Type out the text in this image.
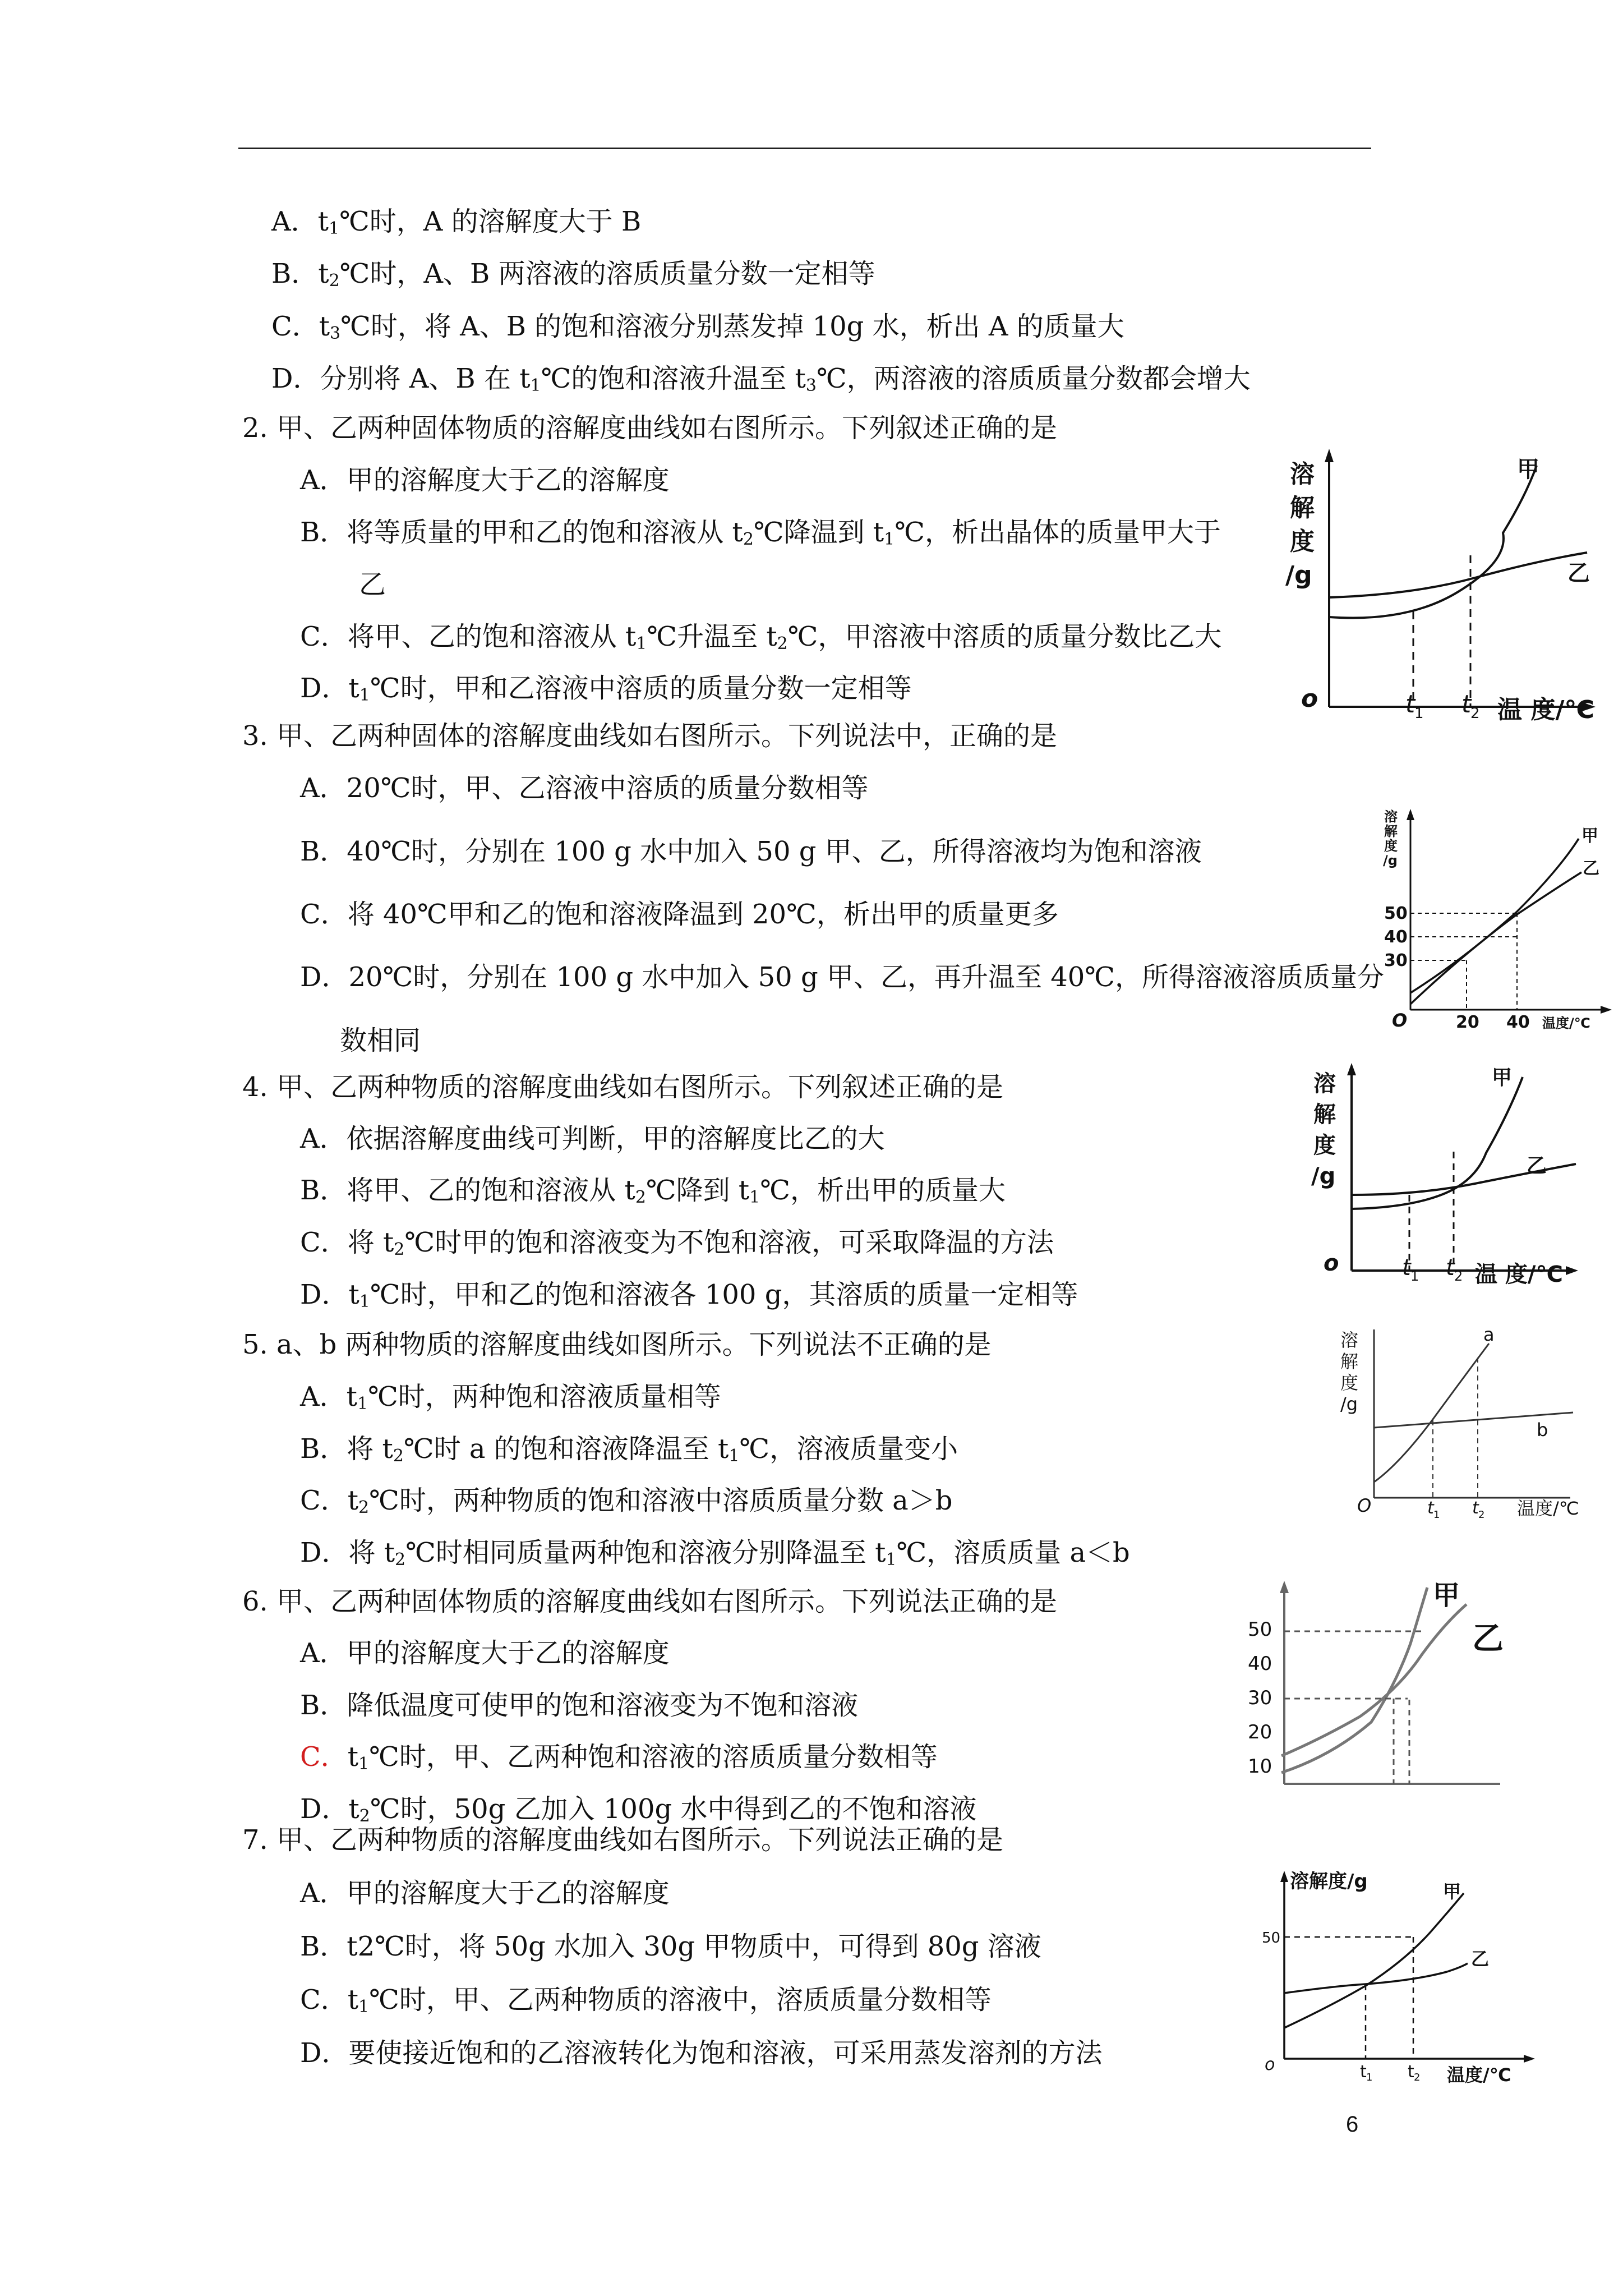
A．$t_1℃$时，A 的溶解度大于 B
B．$t_2℃$时，A、B 两溶液的溶质质量分数一定相等
C．$t_3℃$时，将 A、B 的饱和溶液分别蒸发掉 10g 水，析出 A 的质量大
D．分别将 A、B 在 $t_1℃$的饱和溶液升温至 $t_3℃$，两溶液的溶质质量分数都会增大
2. 甲、乙两种固体物质的溶解度曲线如右图所示。下列叙述正确的是
A．甲的溶解度大于乙的溶解度
B．将等质量的甲和乙的饱和溶液从 $t_2℃$降温到 $t_1℃$，析出晶体的质量甲大于
乙
C．将甲、乙的饱和溶液从 $t_1℃$升温至 $t_2℃$，甲溶液中溶质的质量分数比乙大
D．$t_1℃$时，甲和乙溶液中溶质的质量分数一定相等
溶
解
度
/g
o	t
1 t
2 温 度/℃
甲
乙
3. 甲、乙两种固体的溶解度曲线如右图所示。下列说法中，正确的是
A．20℃时，甲、乙溶液中溶质的质量分数相等
B．40℃时，分别在 100 g 水中加入 50 g 甲、乙，所得溶液均为饱和溶液
C．将 40℃甲和乙的饱和溶液降温到 20℃，析出甲的质量更多
D．20℃时，分别在 100 g 水中加入 50 g 甲、乙，再升温至 40℃，所得溶液溶质质量分
数相同
溶
解
度
/g
50
40
30
O	20 40 温度/℃
甲
乙
4. 甲、乙两种物质的溶解度曲线如右图所示。下列叙述正确的是
A．依据溶解度曲线可判断，甲的溶解度比乙的大
B．将甲、乙的饱和溶液从 $t_2℃$降到 $t_1℃$，析出甲的质量大
C．将 $t_2℃$时甲的饱和溶液变为不饱和溶液，可采取降温的方法
D．$t_1℃$时，甲和乙的饱和溶液各 100 g，其溶质的质量一定相等
溶
解
度
/g
o	t 1 t 2 温 度/℃
甲
乙
5. a、b 两种物质的溶解度曲线如图所示。下列说法不正确的是
A．$t_1℃$时，两种饱和溶液质量相等
B．将 $t_2℃$时 a 的饱和溶液降温至 $t_1℃$，溶液质量变小
C．$t_2℃$时，两种物质的饱和溶液中溶质质量分数 a＞b
D．将 $t_2℃$时相同质量两种饱和溶液分别降温至 $t_1℃$，溶质质量 a＜b
溶
解
度
/g
O	t 1 t 2 温度/℃
a
b
6. 甲、乙两种固体物质的溶解度曲线如右图所示。下列说法正确的是
A．甲的溶解度大于乙的溶解度
B．降低温度可使甲的饱和溶液变为不饱和溶液
C．$t_1℃$时，甲、乙两种饱和溶液的溶质质量分数相等
D．$t_2℃$时，50g 乙加入 100g 水中得到乙的不饱和溶液
50
40
30
20
10
甲
乙
7. 甲、乙两种物质的溶解度曲线如右图所示。下列说法正确的是
A．甲的溶解度大于乙的溶解度
B．t2℃时，将 50g 水加入 30g 甲物质中，可得到 80g 溶液
C．$t_1℃$时，甲、乙两种物质的溶液中，溶质质量分数相等
D．要使接近饱和的乙溶液转化为饱和溶液，可采用蒸发溶剂的方法
溶解度/g
50
o	t 1 t 2 温度/℃
甲
乙
6
